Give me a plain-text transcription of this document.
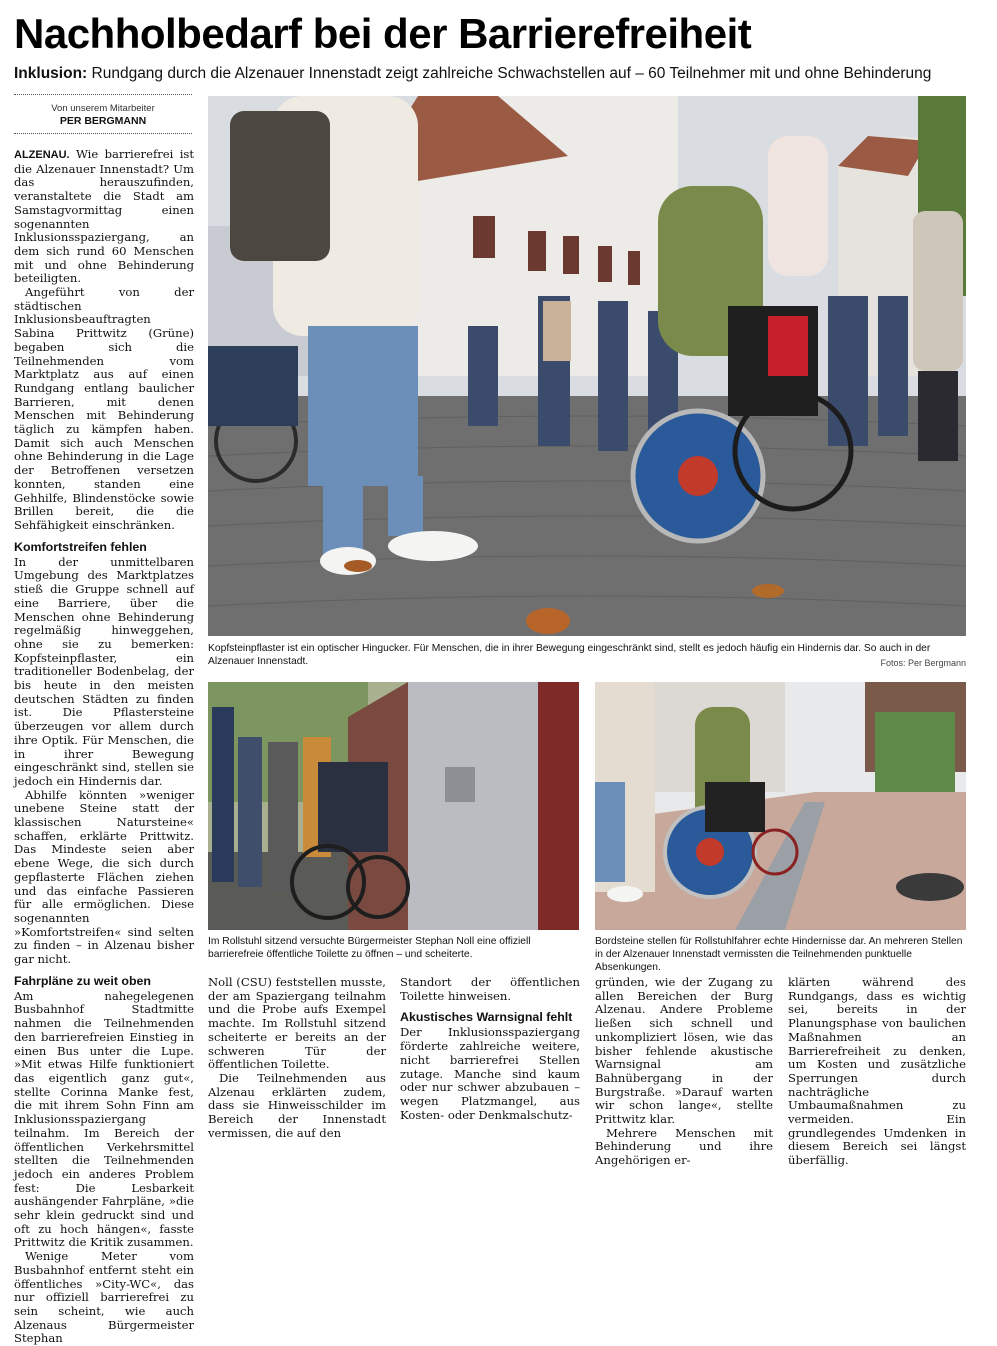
Nachholbedarf bei der Barrierefreiheit
Inklusion: Rundgang durch die Alzenauer Innenstadt zeigt zahlreiche Schwachstellen auf – 60 Teilnehmer mit und ohne Behinderung
Von unserem Mitarbeiter
PER BERGMANN

ALZENAU. Wie barrierefrei ist die Alzenauer Innenstadt? Um das herauszufinden, veranstaltete die Stadt am Samstagvormittag einen sogenannten Inklusionsspaziergang, an dem sich rund 60 Menschen mit und ohne Behinderung beteiligten.

Angeführt von der städtischen Inklusionsbeauftragten Sabina Prittwitz (Grüne) begaben sich die Teilnehmenden vom Marktplatz aus auf einen Rundgang entlang baulicher Barrieren, mit denen Menschen mit Behinderung täglich zu kämpfen haben. Damit sich auch Menschen ohne Behinderung in die Lage der Betroffenen versetzen konnten, standen eine Gehhilfe, Blindenstöcke sowie Brillen bereit, die die Sehfähigkeit einschränken.

Komfortstreifen fehlen

In der unmittelbaren Umgebung des Marktplatzes stieß die Gruppe schnell auf eine Barriere, über die Menschen ohne Behinderung regelmäßig hinweggehen, ohne sie zu bemerken: Kopfsteinpflaster, ein traditioneller Bodenbelag, der bis heute in den meisten deutschen Städten zu finden ist. Die Pflastersteine überzeugen vor allem durch ihre Optik. Für Menschen, die in ihrer Bewegung eingeschränkt sind, stellen sie jedoch ein Hindernis dar.

Abhilfe könnten »weniger unebene Steine statt der klassischen Natursteine« schaffen, erklärte Prittwitz. Das Mindeste seien aber ebene Wege, die sich durch gepflasterte Flächen ziehen und das einfache Passieren für alle ermöglichen. Diese sogenannten »Komfortstreifen« sind selten zu finden – in Alzenau bisher gar nicht.

Fahrpläne zu weit oben

Am nahegelegenen Busbahnhof Stadtmitte nahmen die Teilnehmenden den barrierefreien Einstieg in einen Bus unter die Lupe. »Mit etwas Hilfe funktioniert das eigentlich ganz gut«, stellte Corinna Manke fest, die mit ihrem Sohn Finn am Inklusionsspaziergang teilnahm. Im Bereich der öffentlichen Verkehrsmittel stellten die Teilnehmenden jedoch ein anderes Problem fest: Die Lesbarkeit aushängender Fahrpläne, »die sehr klein gedruckt sind und oft zu hoch hängen«, fasste Prittwitz die Kritik zusammen.

Wenige Meter vom Busbahnhof entfernt steht ein öffentliches »City-WC«, das nur offiziell barrierefrei zu sein scheint, wie auch Alzenaus Bürgermeister Stephan

Kopfsteinpflaster ist ein optischer Hingucker. Für Menschen, die in ihrer Bewegung eingeschränkt sind, stellt es jedoch häufig ein Hindernis dar. So auch in der Alzenauer Innenstadt.	Fotos: Per Bergmann
Im Rollstuhl sitzend versuchte Bürgermeister Stephan Noll eine offiziell barrierefreie öffentliche Toilette zu öffnen – und scheiterte.
Bordsteine stellen für Rollstuhlfahrer echte Hindernisse dar. An mehreren Stellen in der Alzenauer Innenstadt vermissten die Teilnehmenden punktuelle Absenkungen.

Noll (CSU) feststellen musste, der am Spaziergang teilnahm und die Probe aufs Exempel machte. Im Rollstuhl sitzend scheiterte er bereits an der schweren Tür der öffentlichen Toilette.

Die Teilnehmenden aus Alzenau erklärten zudem, dass sie Hinweisschilder im Bereich der Innenstadt vermissen, die auf den

Standort der öffentlichen Toilette hinweisen.

Akustisches Warnsignal fehlt

Der Inklusionsspaziergang förderte zahlreiche weitere, nicht barrierefrei Stellen zutage. Manche sind kaum oder nur schwer abzubauen – wegen Platzmangel, aus Kosten- oder Denkmalschutz-

gründen, wie der Zugang zu allen Bereichen der Burg Alzenau. Andere Probleme ließen sich schnell und unkompliziert lösen, wie das bisher fehlende akustische Warnsignal am Bahnübergang in der Burgstraße. »Darauf warten wir schon lange«, stellte Prittwitz klar.

Mehrere Menschen mit Behinderung und ihre Angehörigen er-

klärten während des Rundgangs, dass es wichtig sei, bereits in der Planungsphase von baulichen Maßnahmen an Barrierefreiheit zu denken, um Kosten und zusätzliche Sperrungen durch nachträgliche Umbaumaßnahmen zu vermeiden. Ein grundlegendes Umdenken in diesem Bereich sei längst überfällig.
